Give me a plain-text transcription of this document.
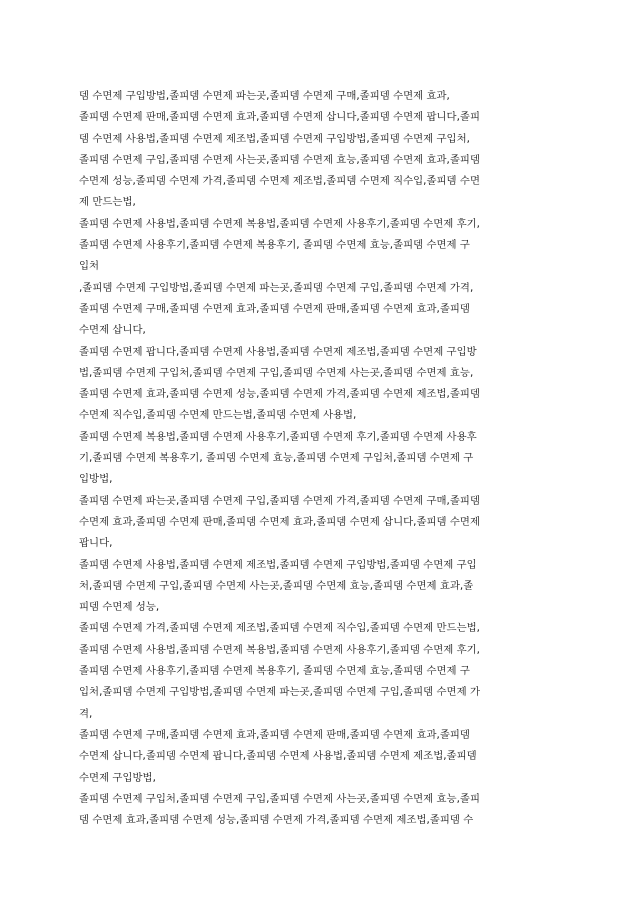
뎀 수면제 구입방법,졸피뎀 수면제 파는곳,졸피뎀 수면제 구매,졸피뎀 수면제 효과,
졸피뎀 수면제 판매,졸피뎀 수면제 효과,졸피뎀 수면제 삽니다,졸피뎀 수면제 팝니다,졸피
뎀 수면제 사용법,졸피뎀 수면제 제조법,졸피뎀 수면제 구입방법,졸피뎀 수면제 구입처,
졸피뎀 수면제 구입,졸피뎀 수면제 사는곳,졸피뎀 수면제 효능,졸피뎀 수면제 효과,졸피뎀
수면제 성능,졸피뎀 수면제 가격,졸피뎀 수면제 제조법,졸피뎀 수면제 직수입,졸피뎀 수면
제 만드는법,
졸피뎀 수면제 사용법,졸피뎀 수면제 복용법,졸피뎀 수면제 사용후기,졸피뎀 수면제 후기,
졸피뎀 수면제 사용후기,졸피뎀 수면제 복용후기, 졸피뎀 수면제 효능,졸피뎀 수면제 구
입처
,졸피뎀 수면제 구입방법,졸피뎀 수면제 파는곳,졸피뎀 수면제 구입,졸피뎀 수면제 가격,
졸피뎀 수면제 구매,졸피뎀 수면제 효과,졸피뎀 수면제 판매,졸피뎀 수면제 효과,졸피뎀
수면제 삽니다,
졸피뎀 수면제 팝니다,졸피뎀 수면제 사용법,졸피뎀 수면제 제조법,졸피뎀 수면제 구입방
법,졸피뎀 수면제 구입처,졸피뎀 수면제 구입,졸피뎀 수면제 사는곳,졸피뎀 수면제 효능,
졸피뎀 수면제 효과,졸피뎀 수면제 성능,졸피뎀 수면제 가격,졸피뎀 수면제 제조법,졸피뎀
수면제 직수입,졸피뎀 수면제 만드는법,졸피뎀 수면제 사용법,
졸피뎀 수면제 복용법,졸피뎀 수면제 사용후기,졸피뎀 수면제 후기,졸피뎀 수면제 사용후
기,졸피뎀 수면제 복용후기, 졸피뎀 수면제 효능,졸피뎀 수면제 구입처,졸피뎀 수면제 구
입방법,
졸피뎀 수면제 파는곳,졸피뎀 수면제 구입,졸피뎀 수면제 가격,졸피뎀 수면제 구매,졸피뎀
수면제 효과,졸피뎀 수면제 판매,졸피뎀 수면제 효과,졸피뎀 수면제 삽니다,졸피뎀 수면제
팝니다,
졸피뎀 수면제 사용법,졸피뎀 수면제 제조법,졸피뎀 수면제 구입방법,졸피뎀 수면제 구입
처,졸피뎀 수면제 구입,졸피뎀 수면제 사는곳,졸피뎀 수면제 효능,졸피뎀 수면제 효과,졸
피뎀 수면제 성능,
졸피뎀 수면제 가격,졸피뎀 수면제 제조법,졸피뎀 수면제 직수입,졸피뎀 수면제 만드는법,
졸피뎀 수면제 사용법,졸피뎀 수면제 복용법,졸피뎀 수면제 사용후기,졸피뎀 수면제 후기,
졸피뎀 수면제 사용후기,졸피뎀 수면제 복용후기, 졸피뎀 수면제 효능,졸피뎀 수면제 구
입처,졸피뎀 수면제 구입방법,졸피뎀 수면제 파는곳,졸피뎀 수면제 구입,졸피뎀 수면제 가
격,
졸피뎀 수면제 구매,졸피뎀 수면제 효과,졸피뎀 수면제 판매,졸피뎀 수면제 효과,졸피뎀
수면제 삽니다,졸피뎀 수면제 팝니다,졸피뎀 수면제 사용법,졸피뎀 수면제 제조법,졸피뎀
수면제 구입방법,
졸피뎀 수면제 구입처,졸피뎀 수면제 구입,졸피뎀 수면제 사는곳,졸피뎀 수면제 효능,졸피
뎀 수면제 효과,졸피뎀 수면제 성능,졸피뎀 수면제 가격,졸피뎀 수면제 제조법,졸피뎀 수
